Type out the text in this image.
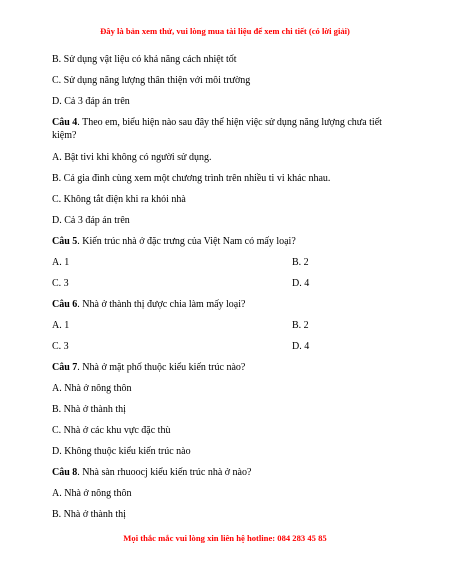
Đây là bản xem thử, vui lòng mua tài liệu để xem chi tiết (có lời giải)
B. Sử dụng vật liệu có khả năng cách nhiệt tốt
C. Sử dụng năng lượng thân thiện với môi trường
D. Cả 3 đáp án trên
Câu 4. Theo em, biểu hiện nào sau đây thể hiện việc sử dụng năng lượng chưa tiết kiệm?
A. Bật tivi khi không có người sử dụng.
B. Cả gia đình cùng xem một chương trình trên nhiều ti vi khác nhau.
C. Không tắt điện khi ra khỏi nhà
D. Cả 3 đáp án trên
Câu 5. Kiến trúc nhà ở đặc trưng của Việt Nam có mấy loại?
A. 1	B. 2
C. 3	D. 4
Câu 6. Nhà ở thành thị được chia làm mấy loại?
A. 1	B. 2
C. 3	D. 4
Câu 7. Nhà ở mặt phố thuộc kiểu kiến trúc nào?
A. Nhà ở nông thôn
B. Nhà ở thành thị
C. Nhà ở các khu vực đặc thù
D. Không thuộc kiểu kiến trúc nào
Câu 8. Nhà sàn rhuoocj kiểu kiến trúc nhà ở nào?
A. Nhà ở nông thôn
B. Nhà ở thành thị
Mọi thắc mắc vui lòng xin liên hệ hotline: 084 283 45 85
